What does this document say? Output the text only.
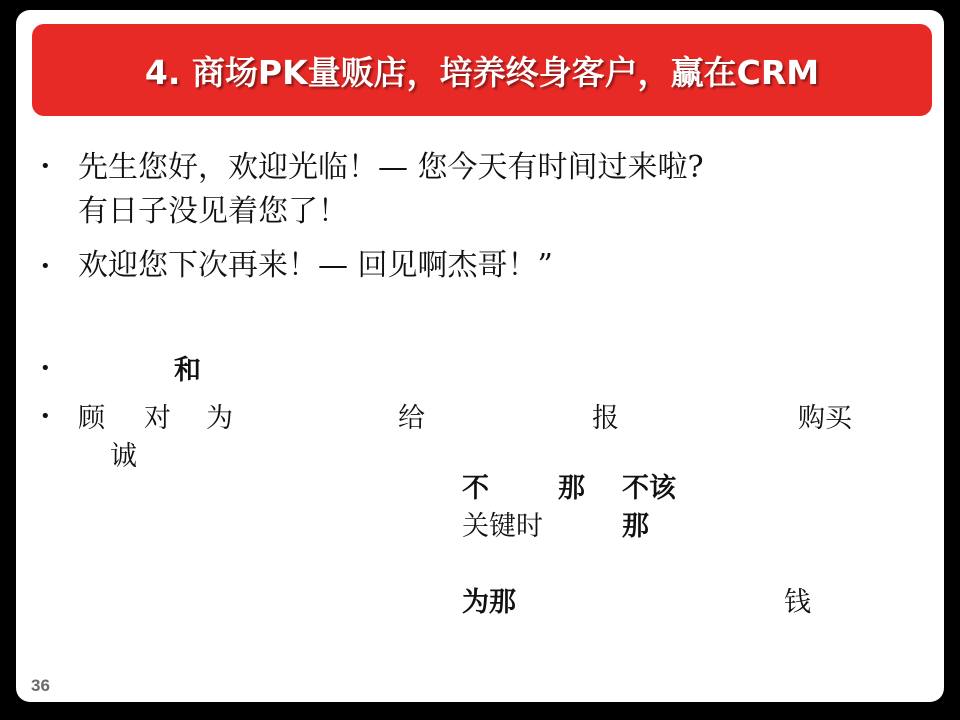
4. 商场PK量贩店，培养终身客户，赢在CRM
• 先生您好，欢迎光临！— 您今天有时间过来啦?
有日子没见着您了！
• 欢迎您下次再来！— 回见啊杰哥！”
•	和
• 顾 对 为	给	报	购买
诚
不	那 不该
关键时	那
为那	钱
36
